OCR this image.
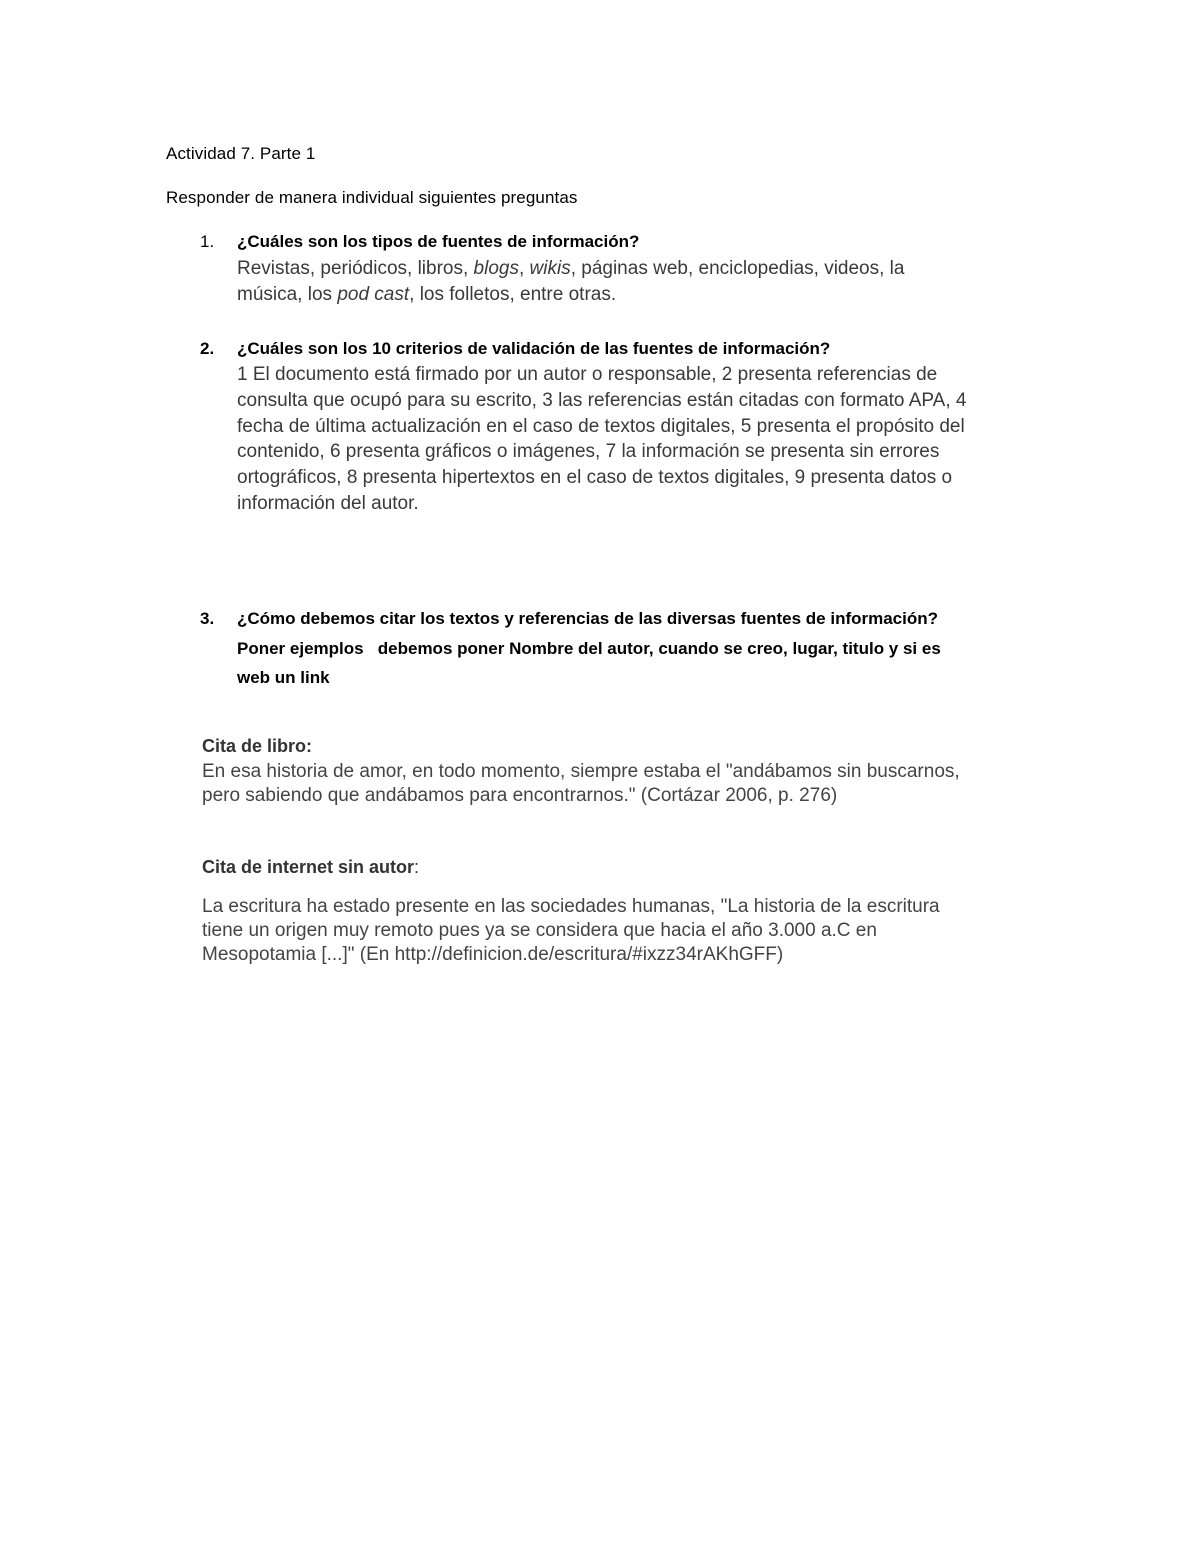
Actividad 7. Parte 1
Responder de manera individual siguientes preguntas
1. ¿Cuáles son los tipos de fuentes de información?
Revistas, periódicos, libros, blogs, wikis, páginas web, enciclopedias, videos, la
música, los pod cast, los folletos, entre otras.
2. ¿Cuáles son los 10 criterios de validación de las fuentes de información?
1 El documento está firmado por un autor o responsable, 2 presenta referencias de
consulta que ocupó para su escrito, 3 las referencias están citadas con formato APA, 4
fecha de última actualización en el caso de textos digitales, 5 presenta el propósito del
contenido, 6 presenta gráficos o imágenes, 7 la información se presenta sin errores
ortográficos, 8 presenta hipertextos en el caso de textos digitales, 9 presenta datos o
información del autor.
3. ¿Cómo debemos citar los textos y referencias de las diversas fuentes de información?
Poner ejemplos   debemos poner Nombre del autor, cuando se creo, lugar, titulo y si es
web un link
Cita de libro:
En esa historia de amor, en todo momento, siempre estaba el "andábamos sin buscarnos,
pero sabiendo que andábamos para encontrarnos." (Cortázar 2006, p. 276)
Cita de internet sin autor:
La escritura ha estado presente en las sociedades humanas, "La historia de la escritura
tiene un origen muy remoto pues ya se considera que hacia el año 3.000 a.C en
Mesopotamia [...]" (En http://definicion.de/escritura/#ixzz34rAKhGFF)
